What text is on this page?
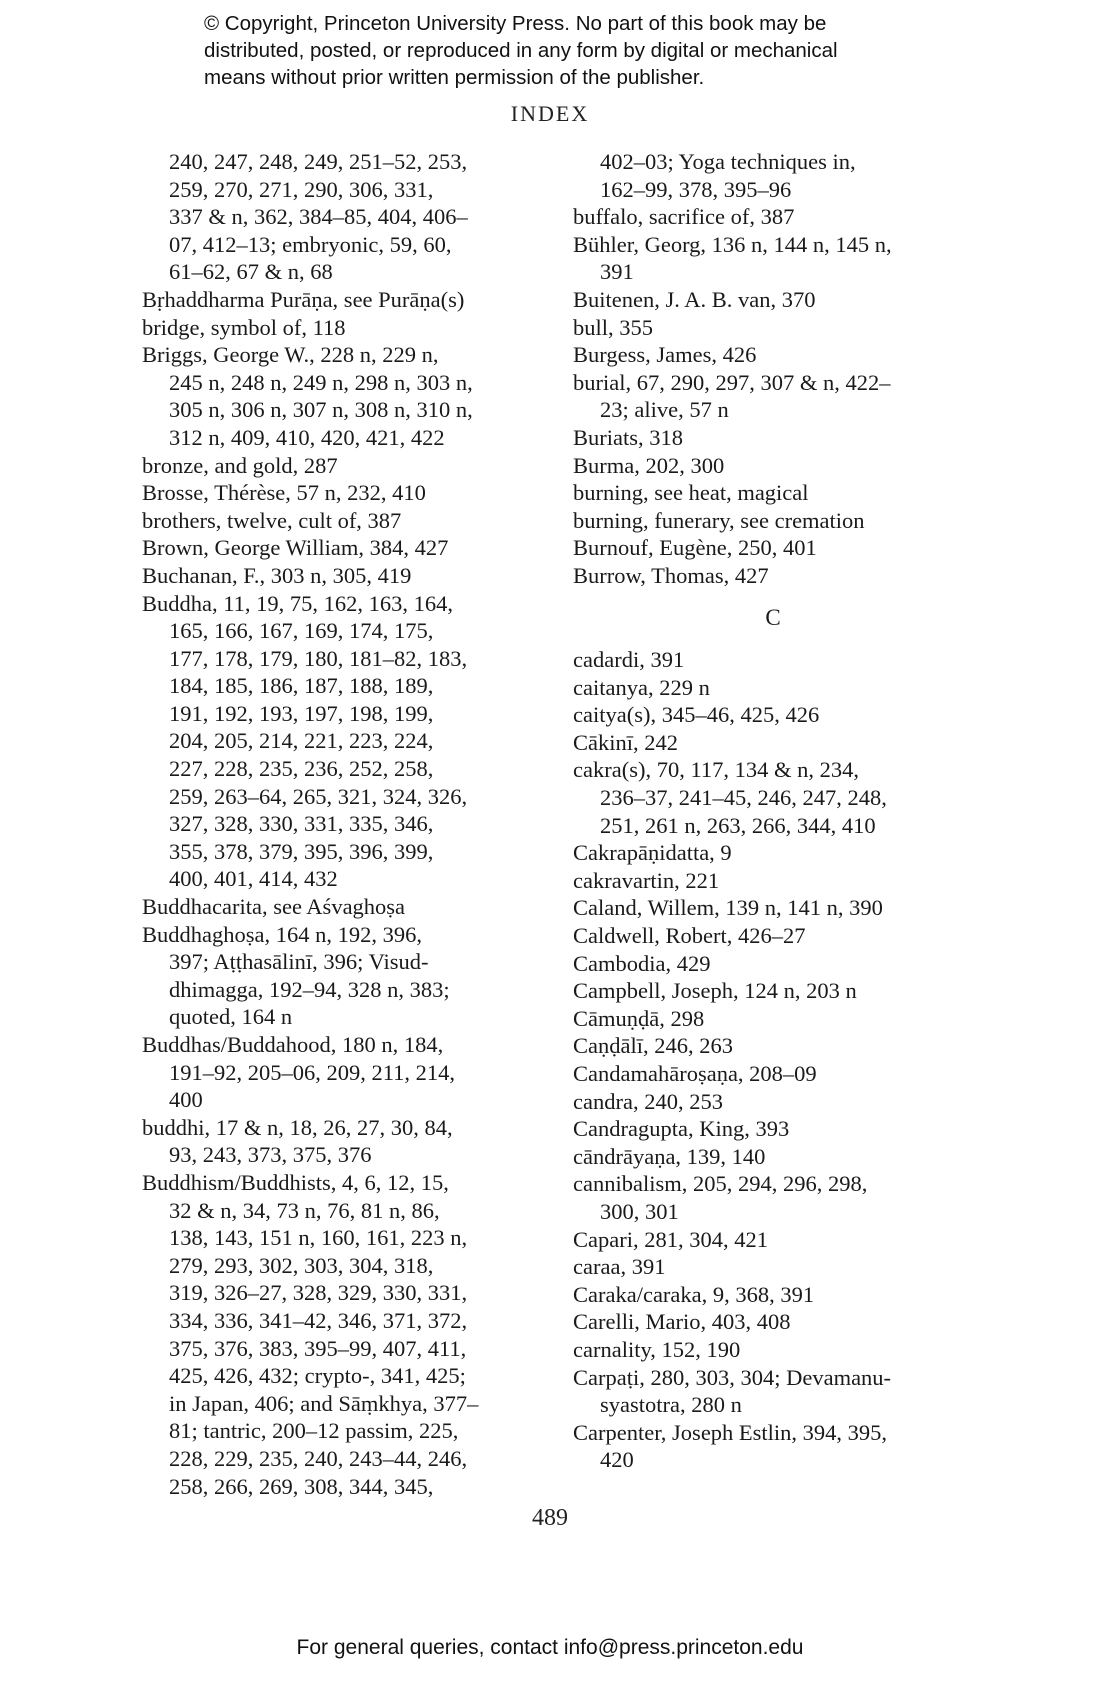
© Copyright, Princeton University Press. No part of this book may be
distributed, posted, or reproduced in any form by digital or mechanical
means without prior written permission of the publisher.
INDEX
240, 247, 248, 249, 251–52, 253,
259, 270, 271, 290, 306, 331,
337 & n, 362, 384–85, 404, 406–
07, 412–13; embryonic, 59, 60,
61–62, 67 & n, 68
Bṛhaddharma Purāṇa, see Purāṇa(s)
bridge, symbol of, 118
Briggs, George W., 228 n, 229 n,
245 n, 248 n, 249 n, 298 n, 303 n,
305 n, 306 n, 307 n, 308 n, 310 n,
312 n, 409, 410, 420, 421, 422
bronze, and gold, 287
Brosse, Thérèse, 57 n, 232, 410
brothers, twelve, cult of, 387
Brown, George William, 384, 427
Buchanan, F., 303 n, 305, 419
Buddha, 11, 19, 75, 162, 163, 164,
165, 166, 167, 169, 174, 175,
177, 178, 179, 180, 181–82, 183,
184, 185, 186, 187, 188, 189,
191, 192, 193, 197, 198, 199,
204, 205, 214, 221, 223, 224,
227, 228, 235, 236, 252, 258,
259, 263–64, 265, 321, 324, 326,
327, 328, 330, 331, 335, 346,
355, 378, 379, 395, 396, 399,
400, 401, 414, 432
Buddhacarita, see Aśvaghoṣa
Buddhaghoṣa, 164 n, 192, 396,
397; Aṭṭhasālinī, 396; Visud-
dhimagga, 192–94, 328 n, 383;
quoted, 164 n
Buddhas/Buddahood, 180 n, 184,
191–92, 205–06, 209, 211, 214,
400
buddhi, 17 & n, 18, 26, 27, 30, 84,
93, 243, 373, 375, 376
Buddhism/Buddhists, 4, 6, 12, 15,
32 & n, 34, 73 n, 76, 81 n, 86,
138, 143, 151 n, 160, 161, 223 n,
279, 293, 302, 303, 304, 318,
319, 326–27, 328, 329, 330, 331,
334, 336, 341–42, 346, 371, 372,
375, 376, 383, 395–99, 407, 411,
425, 426, 432; crypto-, 341, 425;
in Japan, 406; and Sāṃkhya, 377–
81; tantric, 200–12 passim, 225,
228, 229, 235, 240, 243–44, 246,
258, 266, 269, 308, 344, 345,
402–03; Yoga techniques in,
162–99, 378, 395–96
buffalo, sacrifice of, 387
Bühler, Georg, 136 n, 144 n, 145 n,
391
Buitenen, J. A. B. van, 370
bull, 355
Burgess, James, 426
burial, 67, 290, 297, 307 & n, 422–
23; alive, 57 n
Buriats, 318
Burma, 202, 300
burning, see heat, magical
burning, funerary, see cremation
Burnouf, Eugène, 250, 401
Burrow, Thomas, 427
C
cadardi, 391
caitanya, 229 n
caitya(s), 345–46, 425, 426
Cākinī, 242
cakra(s), 70, 117, 134 & n, 234,
236–37, 241–45, 246, 247, 248,
251, 261 n, 263, 266, 344, 410
Cakrapāṇidatta, 9
cakravartin, 221
Caland, Willem, 139 n, 141 n, 390
Caldwell, Robert, 426–27
Cambodia, 429
Campbell, Joseph, 124 n, 203 n
Cāmuṇḍā, 298
Caṇḍālī, 246, 263
Candamahāroṣaṇa, 208–09
candra, 240, 253
Candragupta, King, 393
cāndrāyaṇa, 139, 140
cannibalism, 205, 294, 296, 298,
300, 301
Capari, 281, 304, 421
caraa, 391
Caraka/caraka, 9, 368, 391
Carelli, Mario, 403, 408
carnality, 152, 190
Carpaṭi, 280, 303, 304; Devamanu-
syastotra, 280 n
Carpenter, Joseph Estlin, 394, 395,
420
489
For general queries, contact info@press.princeton.edu
